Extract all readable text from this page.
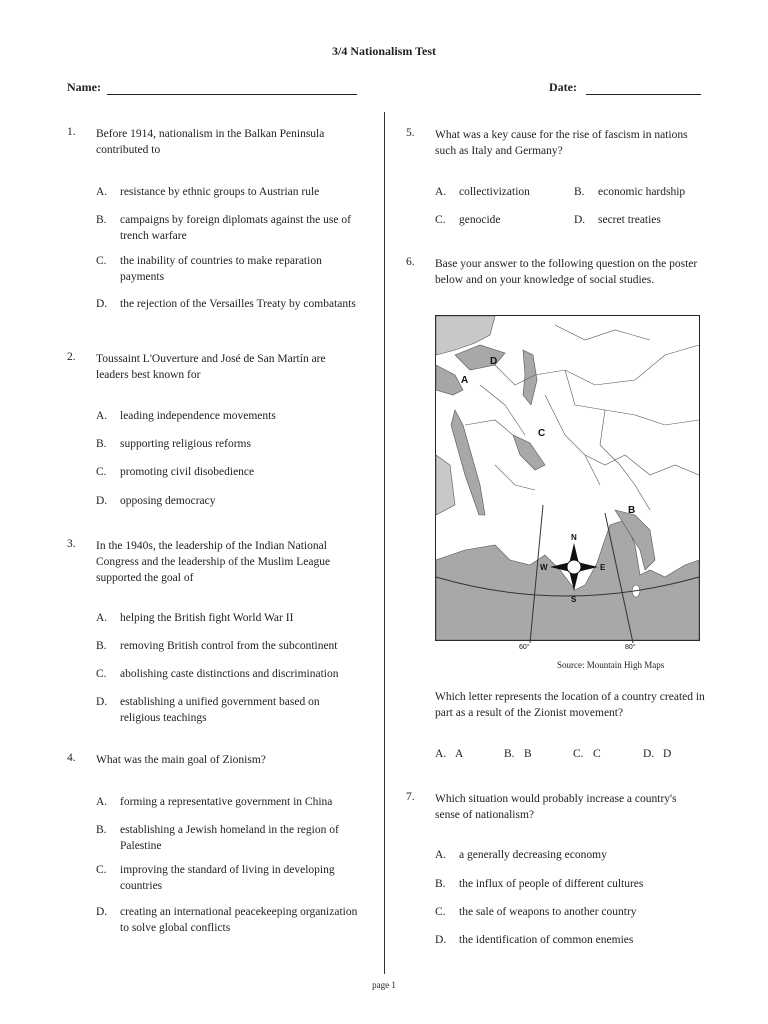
3/4 Nationalism Test
Name:	Date:
1. Before 1914, nationalism in the Balkan Peninsula contributed to
A. resistance by ethnic groups to Austrian rule
B. campaigns by foreign diplomats against the use of trench warfare
C. the inability of countries to make reparation payments
D. the rejection of the Versailles Treaty by combatants
2. Toussaint L'Ouverture and José de San Martín are leaders best known for
A. leading independence movements
B. supporting religious reforms
C. promoting civil disobedience
D. opposing democracy
3. In the 1940s, the leadership of the Indian National Congress and the leadership of the Muslim League supported the goal of
A. helping the British fight World War II
B. removing British control from the subcontinent
C. abolishing caste distinctions and discrimination
D. establishing a unified government based on religious teachings
4. What was the main goal of Zionism?
A. forming a representative government in China
B. establishing a Jewish homeland in the region of Palestine
C. improving the standard of living in developing countries
D. creating an international peacekeeping organization to solve global conflicts
5. What was a key cause for the rise of fascism in nations such as Italy and Germany?
A. collectivization	B. economic hardship
C. genocide	D. secret treaties
6. Base your answer to the following question on the poster below and on your knowledge of social studies.
D
A
C
B
N
S
W	E
60°	80°
Source: Mountain High Maps
Which letter represents the location of a country created in part as a result of the Zionist movement?
A. A	B. B	C. C	D. D
7. Which situation would probably increase a country's sense of nationalism?
A. a generally decreasing economy
B. the influx of people of different cultures
C. the sale of weapons to another country
D. the identification of common enemies
page 1
